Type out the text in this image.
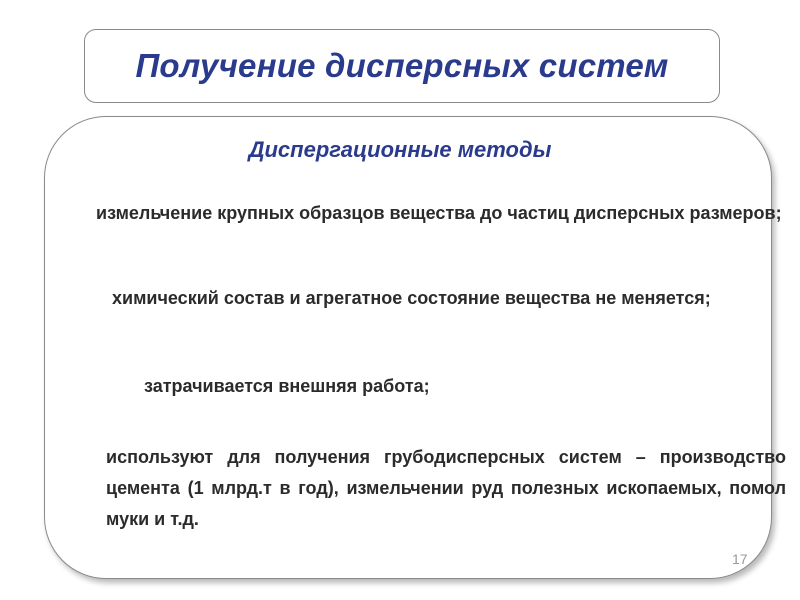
Получение дисперсных систем
Диспергационные методы

измельчение крупных образцов вещества до частиц дисперсных размеров;

химический состав и агрегатное состояние вещества не меняется;

затрачивается внешняя работа;

используют для получения грубодисперсных систем – производство цемента (1 млрд.т в год), измельчении руд полезных ископаемых, помол муки и т.д.

17
